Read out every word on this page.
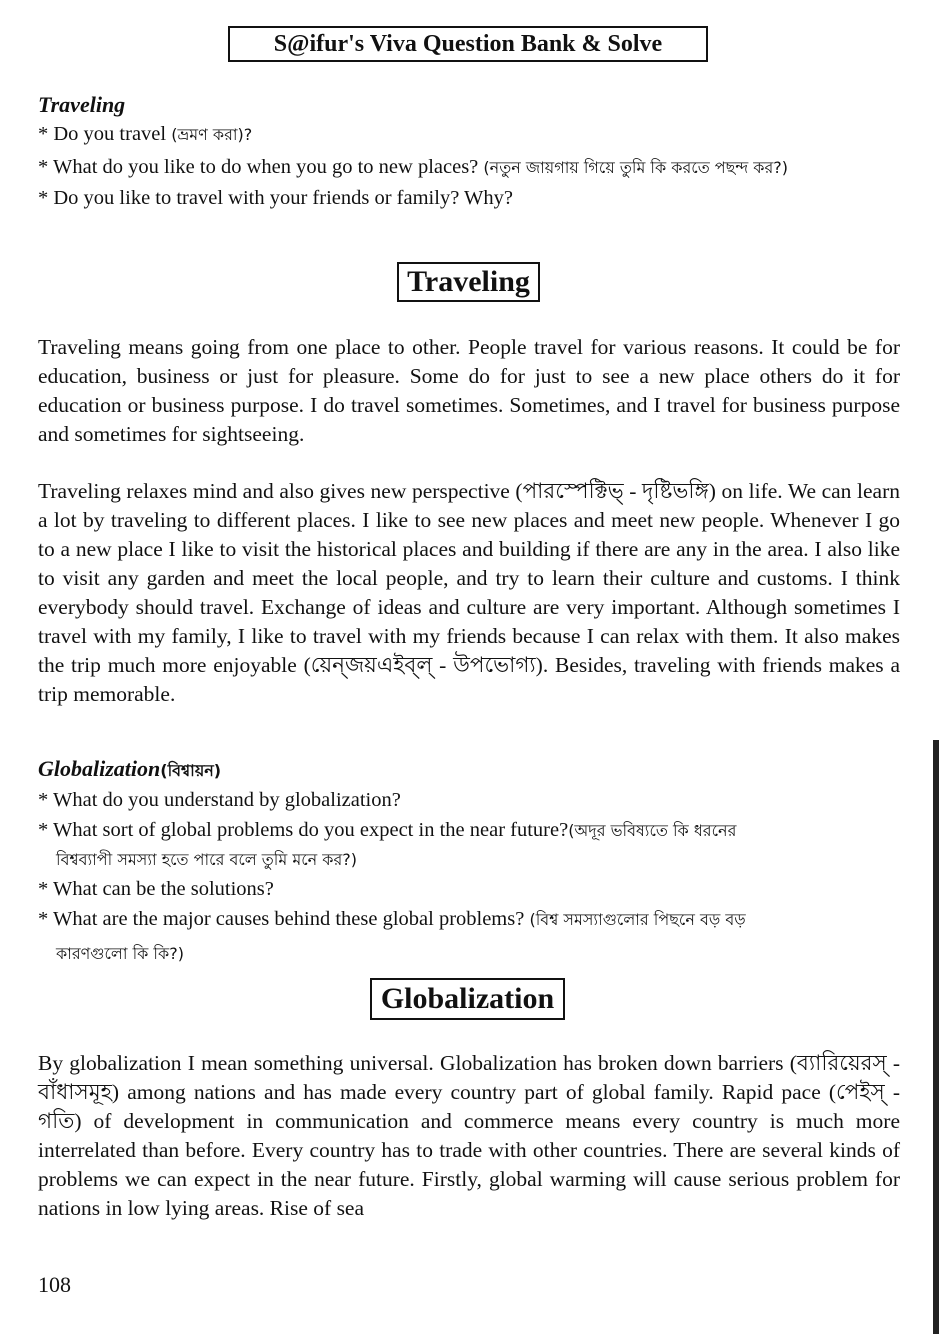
S@ifur's Viva Question Bank & Solve
Traveling
* Do you travel (ভ্রমণ করা)?
* What do you like to do when you go to new places? (নতুন জায়গায় গিয়ে তুমি কি করতে পছন্দ কর?)
* Do you like to travel with your friends or family? Why?
Traveling

Traveling means going from one place to other. People travel for various reasons. It could be for education, business or just for pleasure. Some do for just to see a new place others do it for education or business purpose. I do travel sometimes. Sometimes, and I travel for business purpose and sometimes for sightseeing.

Traveling relaxes mind and also gives new perspective (পারস্পেক্টিভ্ - দৃষ্টিভঙ্গি) on life. We can learn a lot by traveling to different places. I like to see new places and meet new people. Whenever I go to a new place I like to visit the historical places and building if there are any in the area. I also like to visit any garden and meet the local people, and try to learn their culture and customs. I think everybody should travel. Exchange of ideas and culture are very important. Although sometimes I travel with my family, I like to travel with my friends because I can relax with them. It also makes the trip much more enjoyable (য়েন্জয়এইব্ল্ - উপভোগ্য). Besides, traveling with friends makes a trip memorable.

Globalization(বিশ্বায়ন)
* What do you understand by globalization?
* What sort of global problems do you expect in the near future?(অদূর ভবিষ্যতে কি ধরনের
বিশ্বব্যাপী সমস্যা হতে পারে বলে তুমি মনে কর?)
* What can be the solutions?
* What are the major causes behind these global problems? (বিশ্ব সমস্যাগুলোর পিছনে বড় বড়
কারণগুলো কি কি?)
Globalization

By globalization I mean something universal. Globalization has broken down barriers (ব্যারিয়েরস্ - বাঁধাসমূহ) among nations and has made every country part of global family. Rapid pace (পেইস্ - গতি) of development in communication and commerce means every country is much more interrelated than before. Every country has to trade with other countries. There are several kinds of problems we can expect in the near future. Firstly, global warming will cause serious problem for nations in low lying areas. Rise of sea

108
